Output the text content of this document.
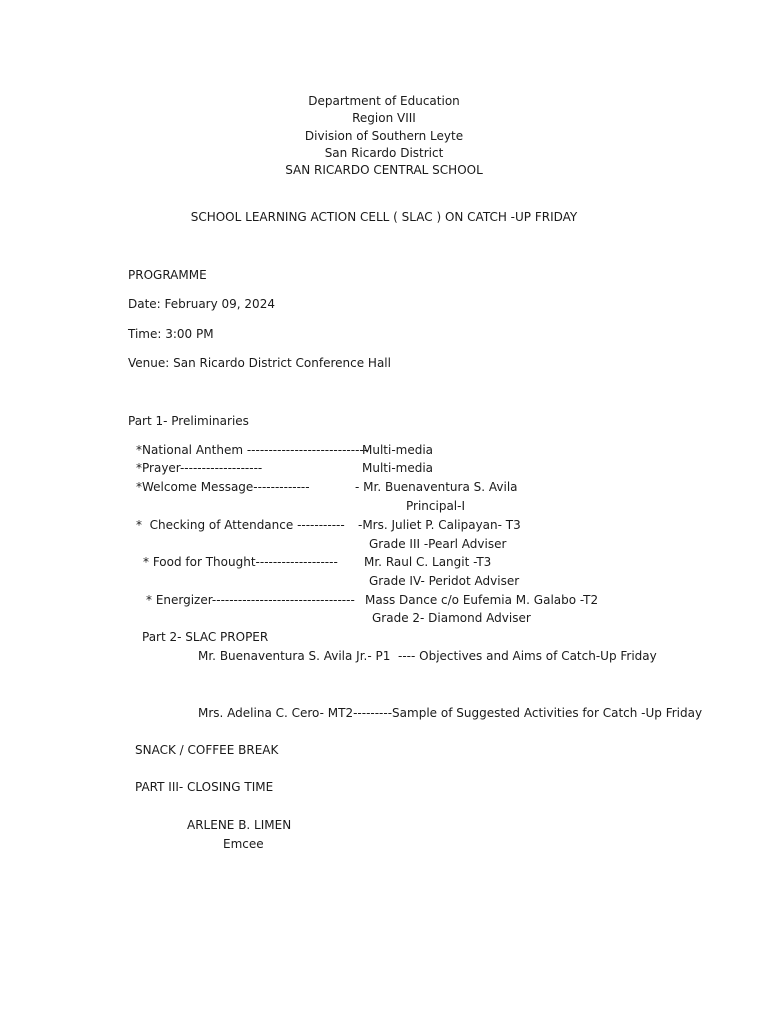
Department of Education
Region VIII
Division of Southern Leyte
San Ricardo District
SAN RICARDO CENTRAL SCHOOL
SCHOOL LEARNING ACTION CELL ( SLAC ) ON CATCH -UP FRIDAY
PROGRAMME
Date: February 09, 2024
Time: 3:00 PM
Venue: San Ricardo District Conference Hall
Part 1- Preliminaries
*National Anthem ----------------------------
Multi-media
*Prayer-------------------	Multi-media
*Welcome Message-------------	- Mr. Buenaventura S. Avila
Principal-I
*  Checking of Attendance ----------- -Mrs. Juliet P. Calipayan- T3
Grade III -Pearl Adviser
* Food for Thought------------------- Mr. Raul C. Langit -T3
Grade IV- Peridot Adviser
* Energizer--------------------------------- Mass Dance c/o Eufemia M. Galabo -T2
Grade 2- Diamond Adviser
Part 2- SLAC PROPER
Mr. Buenaventura S. Avila Jr.- P1  ---- Objectives and Aims of Catch-Up Friday
Mrs. Adelina C. Cero- MT2---------Sample of Suggested Activities for Catch -Up Friday
SNACK / COFFEE BREAK
PART III- CLOSING TIME
ARLENE B. LIMEN
Emcee
